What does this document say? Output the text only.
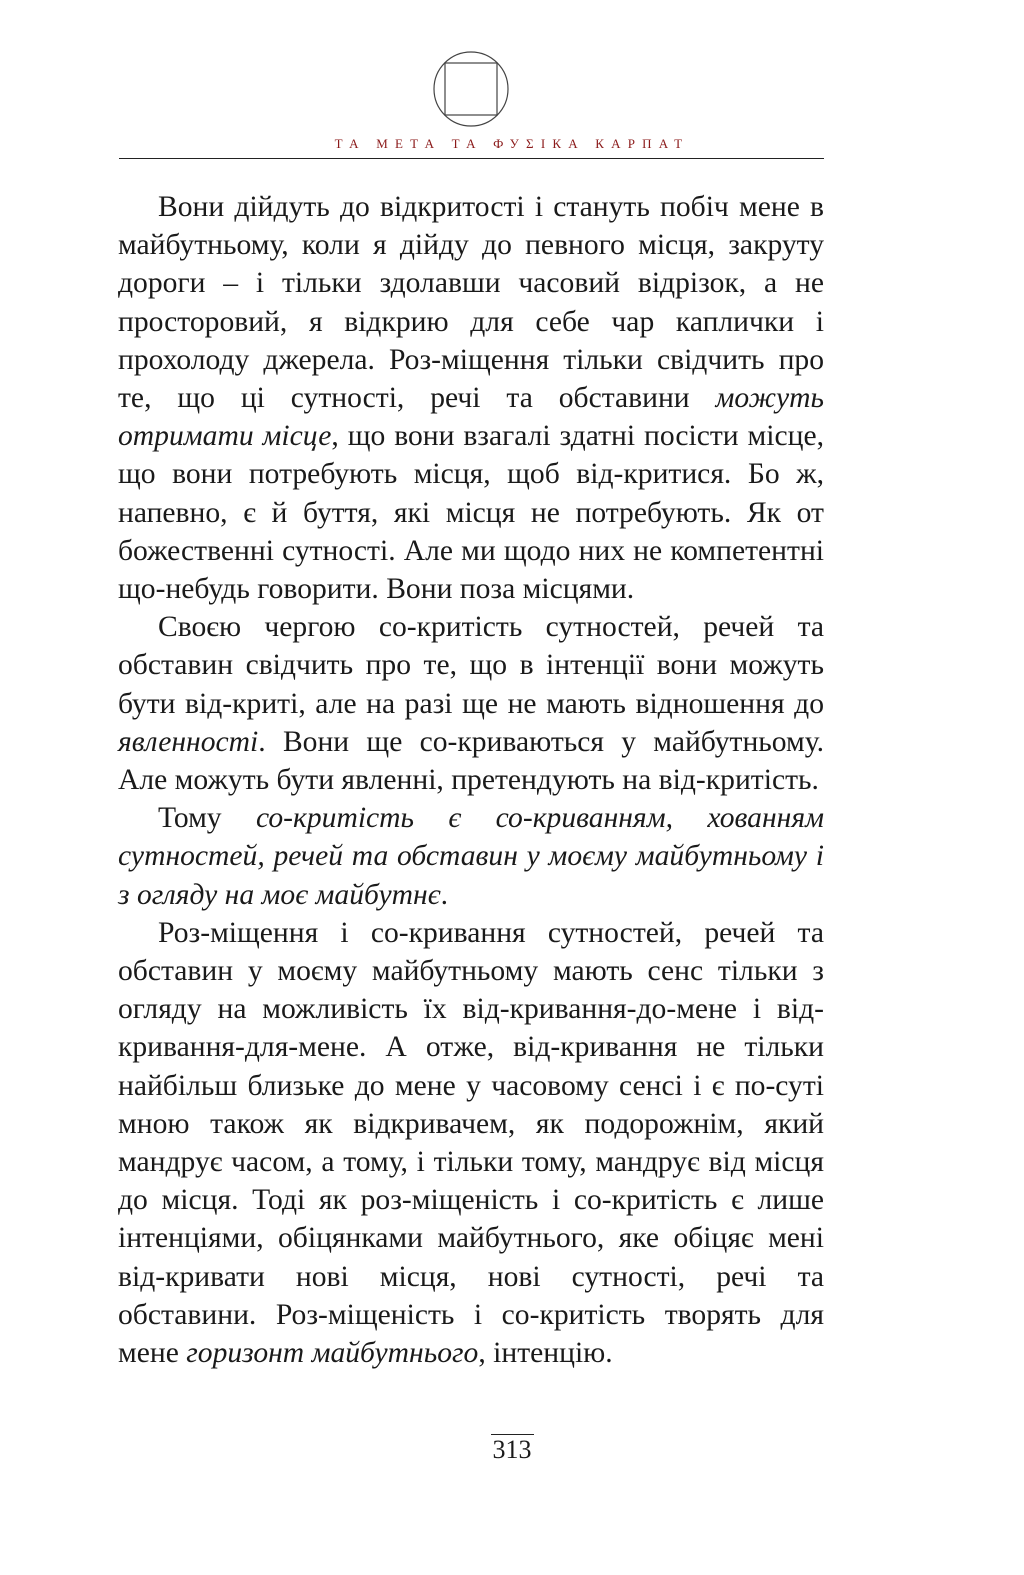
ТА МЕТА ТА ФУΣІКА КАРПАТ

Вони дійдуть до відкритості і стануть побіч мене в майбутньому, коли я дійду до певного місця, закруту дороги – і тільки здолавши часовий відрізок, а не просторовий, я відкрию для себе чар каплички і прохолоду джерела. Роз-міщення тільки свідчить про те, що ці сутності, речі та обставини можуть отримати місце, що вони взагалі здатні посісти місце, що вони потребують місця, щоб від-критися. Бо ж, напевно, є й буття, які місця не потребують. Як от божественні сутності. Але ми щодо них не компетентні що-небудь говорити. Вони поза місцями.

Своєю чергою со-критість сутностей, речей та обставин свідчить про те, що в інтенції вони можуть бути від-криті, але на разі ще не мають відношення до явленності. Вони ще со-криваються у майбутньому. Але можуть бути явленні, претендують на від-критість.

Тому со-критість є со-криванням, хованням сутностей, речей та обставин у моєму майбутньому і з огляду на моє майбутнє.

Роз-міщення і со-кривання сутностей, речей та обставин у моєму майбутньому мають сенс тільки з огляду на можливість їх від-кривання-до-мене і від-кривання-для-мене. А отже, від-кривання не тільки найбільш близьке до мене у часовому сенсі і є по-суті мною також як відкривачем, як подорожнім, який мандрує часом, а тому, і тільки тому, мандрує від місця до місця. Тоді як роз-міщеність і со-критість є лише інтенціями, обіцянками майбутнього, яке обіцяє мені від-кривати нові місця, нові сутності, речі та обставини. Роз-міщеність і со-критість творять для мене горизонт майбутнього, інтенцію.

313
